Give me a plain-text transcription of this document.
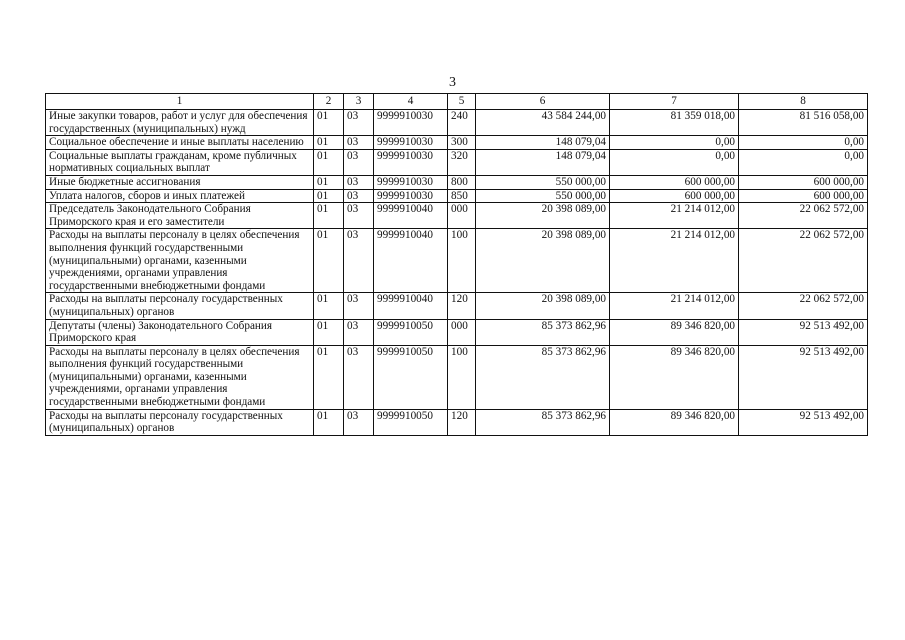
3
1	2	3	4	5	6	7	8
Иные закупки товаров, работ и услуг для обеспечения государственных (муниципальных) нужд	01	03	9999910030	240	43 584 244,00	81 359 018,00	81 516 058,00
Социальное обеспечение и иные выплаты населению	01	03	9999910030	300	148 079,04	0,00	0,00
Социальные выплаты гражданам, кроме публичных нормативных социальных выплат	01	03	9999910030	320	148 079,04	0,00	0,00
Иные бюджетные ассигнования	01	03	9999910030	800	550 000,00	600 000,00	600 000,00
Уплата налогов, сборов и иных платежей	01	03	9999910030	850	550 000,00	600 000,00	600 000,00
Председатель Законодательного Собрания Приморского края и его заместители	01	03	9999910040	000	20 398 089,00	21 214 012,00	22 062 572,00
Расходы на выплаты персоналу в целях обеспечения выполнения функций государственными (муниципальными) органами, казенными учреждениями, органами управления государственными внебюджетными фондами	01	03	9999910040	100	20 398 089,00	21 214 012,00	22 062 572,00
Расходы на выплаты персоналу государственных (муниципальных) органов	01	03	9999910040	120	20 398 089,00	21 214 012,00	22 062 572,00
Депутаты (члены) Законодательного Собрания Приморского края	01	03	9999910050	000	85 373 862,96	89 346 820,00	92 513 492,00
Расходы на выплаты персоналу в целях обеспечения выполнения функций государственными (муниципальными) органами, казенными учреждениями, органами управления государственными внебюджетными фондами	01	03	9999910050	100	85 373 862,96	89 346 820,00	92 513 492,00
Расходы на выплаты персоналу государственных (муниципальных) органов	01	03	9999910050	120	85 373 862,96	89 346 820,00	92 513 492,00
